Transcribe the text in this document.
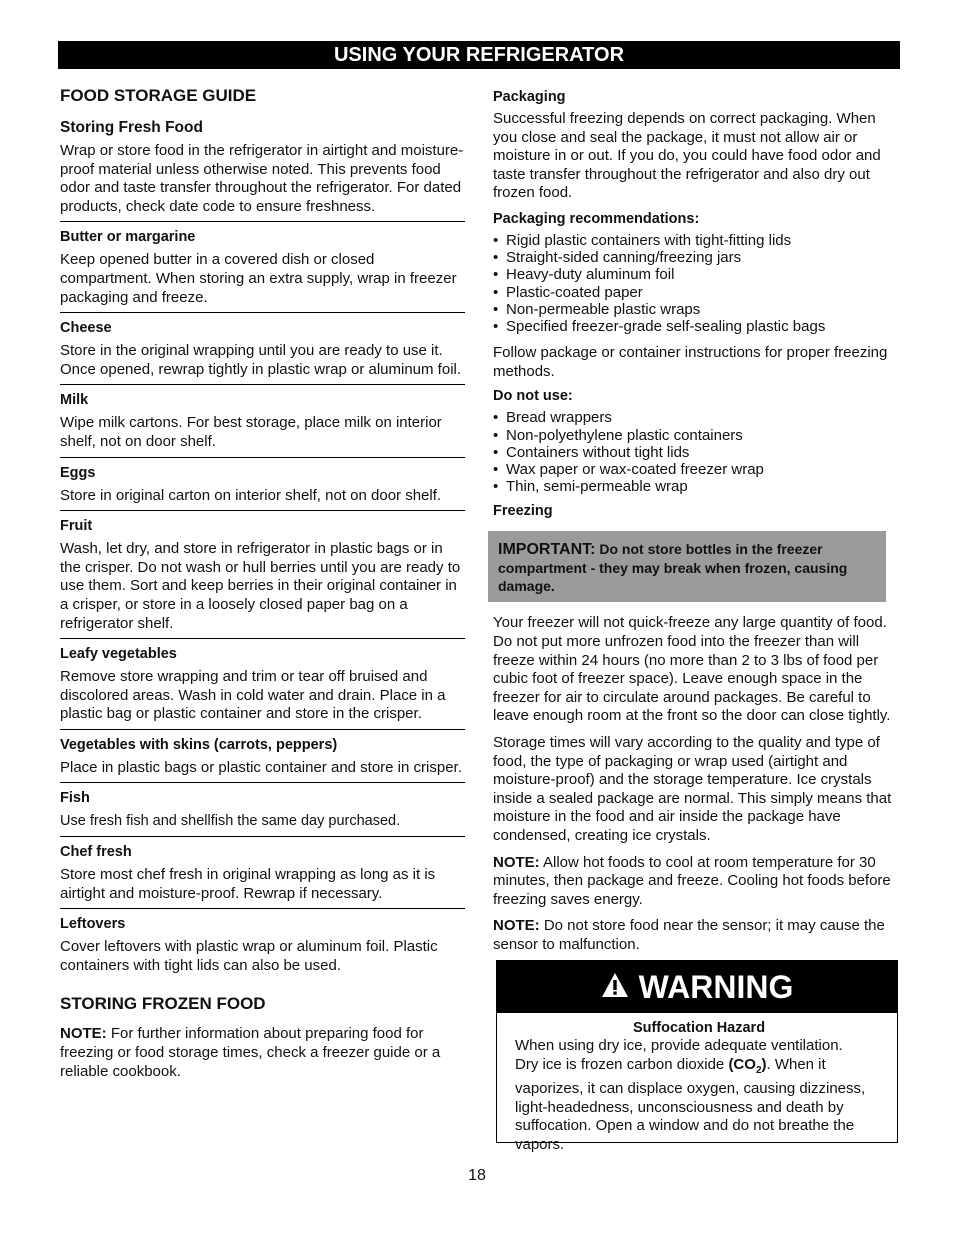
USING YOUR REFRIGERATOR
FOOD STORAGE GUIDE
Storing Fresh Food

Wrap or store food in the refrigerator in airtight and moisture-proof material unless otherwise noted. This prevents food odor and taste transfer throughout the refrigerator. For dated products, check date code to ensure freshness.

Butter or margarine

Keep opened butter in a covered dish or closed compartment. When storing an extra supply, wrap in freezer packaging and freeze.

Cheese

Store in the original wrapping until you are ready to use it. Once opened, rewrap tightly in plastic wrap or aluminum foil.

Milk

Wipe milk cartons. For best storage, place milk on interior shelf, not on door shelf.

Eggs

Store in original carton on interior shelf, not on door shelf.

Fruit

Wash, let dry, and store in refrigerator in plastic bags or in the crisper. Do not wash or hull berries until you are ready to use them. Sort and keep berries in their original container in a crisper, or store in a loosely closed paper bag on a refrigerator shelf.

Leafy vegetables

Remove store wrapping and trim or tear off bruised and discolored areas. Wash in cold water and drain. Place in a plastic bag or plastic container and store in the crisper.

Vegetables with skins (carrots, peppers)

Place in plastic bags or plastic container and store in crisper.

Fish

Use fresh fish and shellfish the same day purchased.

Chef fresh

Store most chef fresh in original wrapping as long as it is airtight and moisture-proof. Rewrap if necessary.

Leftovers

Cover leftovers with plastic wrap or aluminum foil. Plastic containers with tight lids can also be used.

STORING FROZEN FOOD

NOTE: For further information about preparing food for freezing or food storage times, check a freezer guide or a reliable cookbook.

Packaging

Successful freezing depends on correct packaging. When you close and seal the package, it must not allow air or moisture in or out. If you do, you could have food odor and taste transfer throughout the refrigerator and also dry out frozen food.

Packaging recommendations:
• Rigid plastic containers with tight-fitting lids
• Straight-sided canning/freezing jars
• Heavy-duty aluminum foil
• Plastic-coated paper
• Non-permeable plastic wraps
• Specified freezer-grade self-sealing plastic bags

Follow package or container instructions for proper freezing methods.

Do not use:
• Bread wrappers
• Non-polyethylene plastic containers
• Containers without tight lids
• Wax paper or wax-coated freezer wrap
• Thin, semi-permeable wrap
Freezing
IMPORTANT: Do not store bottles in the freezer compartment - they may break when frozen, causing damage.

Your freezer will not quick-freeze any large quantity of food. Do not put more unfrozen food into the freezer than will freeze within 24 hours (no more than 2 to 3 lbs of food per cubic foot of freezer space). Leave enough space in the freezer for air to circulate around packages. Be careful to leave enough room at the front so the door can close tightly.

Storage times will vary according to the quality and type of food, the type of packaging or wrap used (airtight and moisture-proof) and the storage temperature. Ice crystals inside a sealed package are normal. This simply means that moisture in the food and air inside the package have condensed, creating ice crystals.

NOTE: Allow hot foods to cool at room temperature for 30 minutes, then package and freeze. Cooling hot foods before freezing saves energy.

NOTE: Do not store food near the sensor; it may cause the sensor to malfunction.

WARNING
Suffocation Hazard

When using dry ice, provide adequate ventilation.

Dry ice is frozen carbon dioxide $(CO_2)$. When it vaporizes, it can displace oxygen, causing dizziness, light-headedness, unconsciousness and death by suffocation. Open a window and do not breathe the vapors.

18
